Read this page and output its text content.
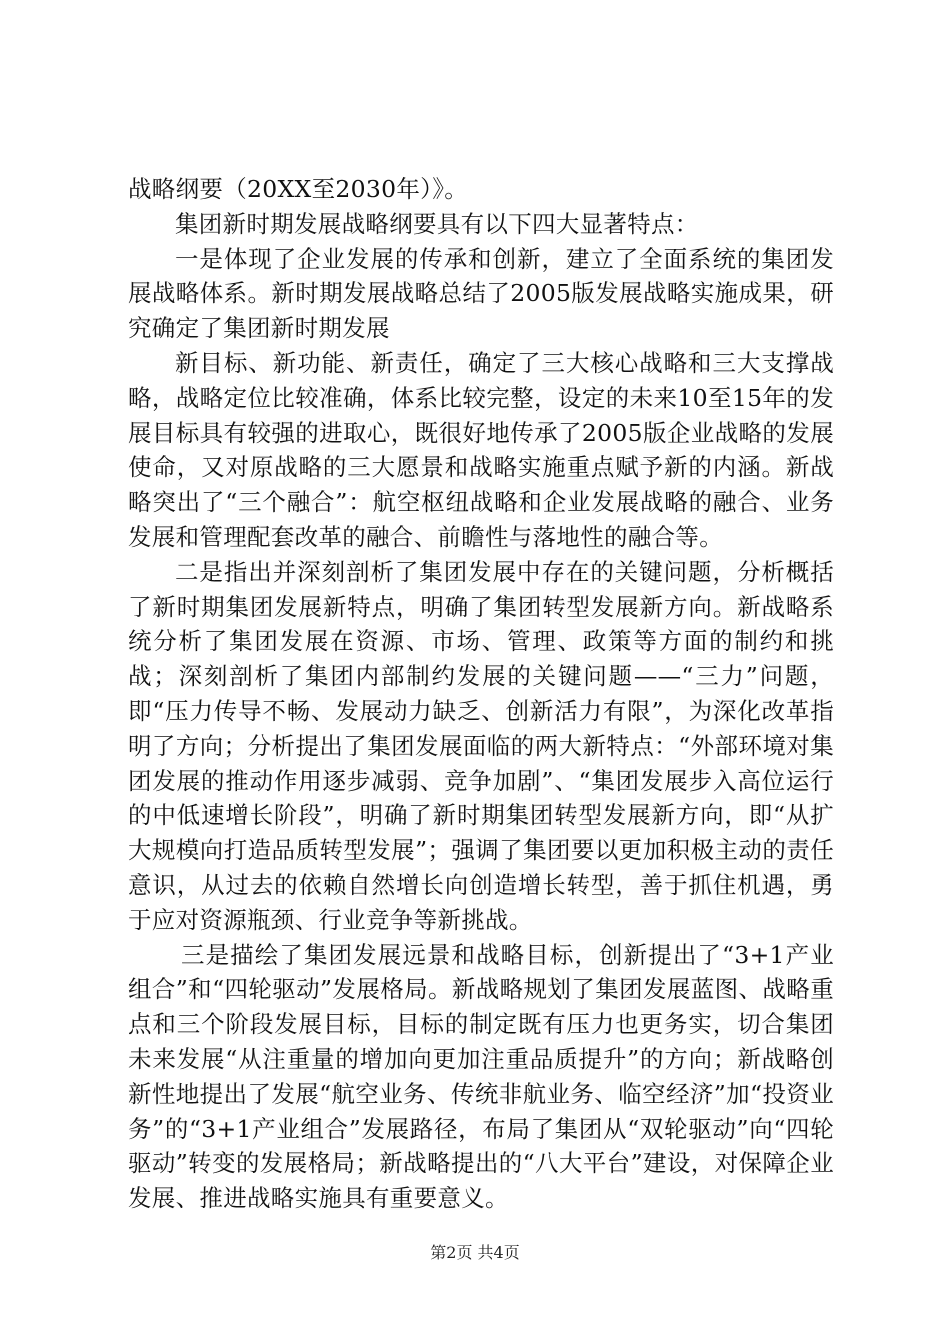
战略纲要（20XX至2030年）》。

集团新时期发展战略纲要具有以下四大显著特点：

一是体现了企业发展的传承和创新，建立了全面系统的集团发展战略体系。新时期发展战略总结了2005版发展战略实施成果，研究确定了集团新时期发展

新目标、新功能、新责任，确定了三大核心战略和三大支撑战略，战略定位比较准确，体系比较完整，设定的未来10至15年的发展目标具有较强的进取心，既很好地传承了2005版企业战略的发展使命，又对原战略的三大愿景和战略实施重点赋予新的内涵。新战略突出了“三个融合”：航空枢纽战略和企业发展战略的融合、业务发展和管理配套改革的融合、前瞻性与落地性的融合等。

二是指出并深刻剖析了集团发展中存在的关键问题，分析概括了新时期集团发展新特点，明确了集团转型发展新方向。新战略系统分析了集团发展在资源、市场、管理、政策等方面的制约和挑战；深刻剖析了集团内部制约发展的关键问题——“三力”问题，即“压力传导不畅、发展动力缺乏、创新活力有限”，为深化改革指明了方向；分析提出了集团发展面临的两大新特点：“外部环境对集团发展的推动作用逐步减弱、竞争加剧”、“集团发展步入高位运行的中低速增长阶段”，明确了新时期集团转型发展新方向，即“从扩大规模向打造品质转型发展”；强调了集团要以更加积极主动的责任意识，从过去的依赖自然增长向创造增长转型，善于抓住机遇，勇于应对资源瓶颈、行业竞争等新挑战。

三是描绘了集团发展远景和战略目标，创新提出了“3+1产业组合”和“四轮驱动”发展格局。新战略规划了集团发展蓝图、战略重点和三个阶段发展目标，目标的制定既有压力也更务实，切合集团未来发展“从注重量的增加向更加注重品质提升”的方向；新战略创新性地提出了发展“航空业务、传统非航业务、临空经济”加“投资业务”的“3+1产业组合”发展路径，布局了集团从“双轮驱动”向“四轮驱动”转变的发展格局；新战略提出的“八大平台”建设，对保障企业发展、推进战略实施具有重要意义。

第2页 共4页
